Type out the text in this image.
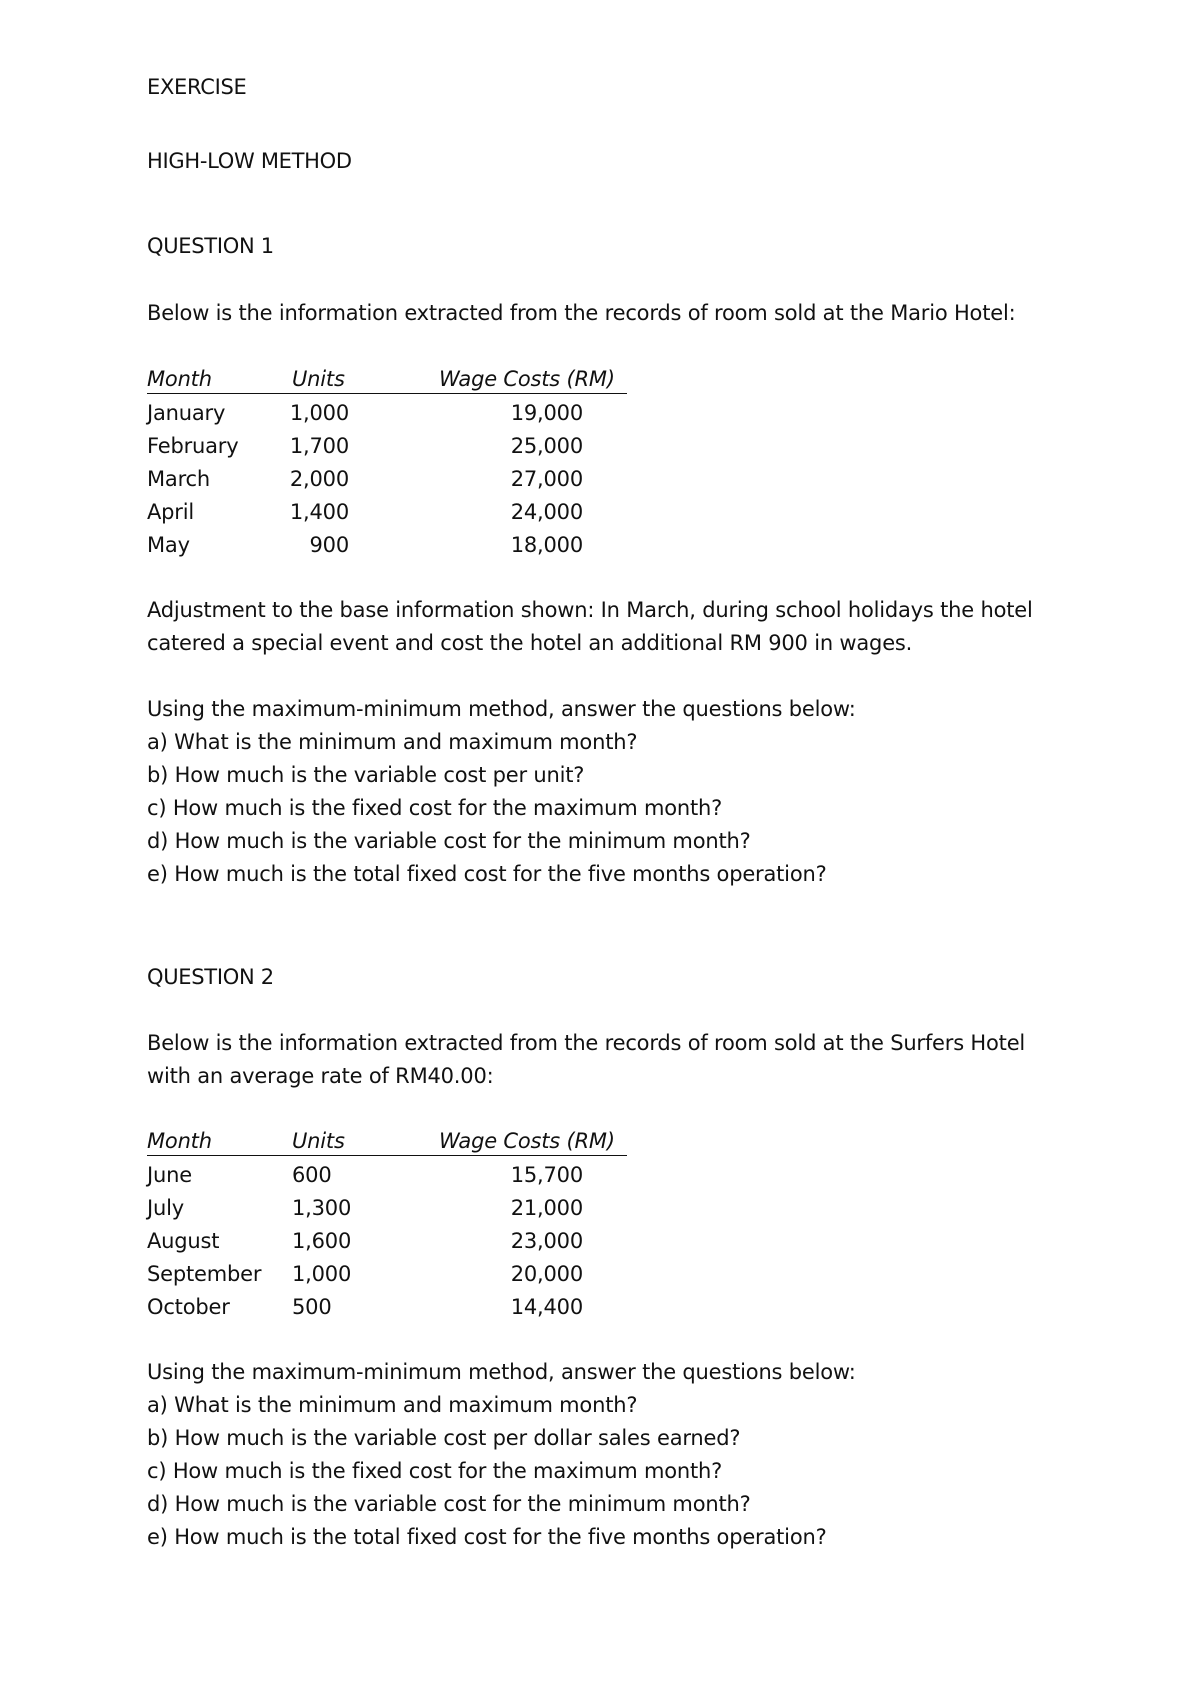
EXERCISE
HIGH-LOW METHOD
QUESTION 1
Below is the information extracted from the records of room sold at the Mario Hotel:
Month	Units	Wage Costs (RM)
January	1,000	19,000
February 1,700	25,000
March	2,000	27,000
April	1,400	24,000
May	900	18,000
Adjustment to the base information shown: In March, during school holidays the hotel
catered a special event and cost the hotel an additional RM 900 in wages.
Using the maximum-minimum method, answer the questions below:
a) What is the minimum and maximum month?
b) How much is the variable cost per unit?
c) How much is the fixed cost for the maximum month?
d) How much is the variable cost for the minimum month?
e) How much is the total fixed cost for the five months operation?
QUESTION 2
Below is the information extracted from the records of room sold at the Surfers Hotel
with an average rate of RM40.00:
Month	Units	Wage Costs (RM)
June	600	15,700
July	1,300	21,000
August	1,600	23,000
September 1,000	20,000
October	500	14,400
Using the maximum-minimum method, answer the questions below:
a) What is the minimum and maximum month?
b) How much is the variable cost per dollar sales earned?
c) How much is the fixed cost for the maximum month?
d) How much is the variable cost for the minimum month?
e) How much is the total fixed cost for the five months operation?
